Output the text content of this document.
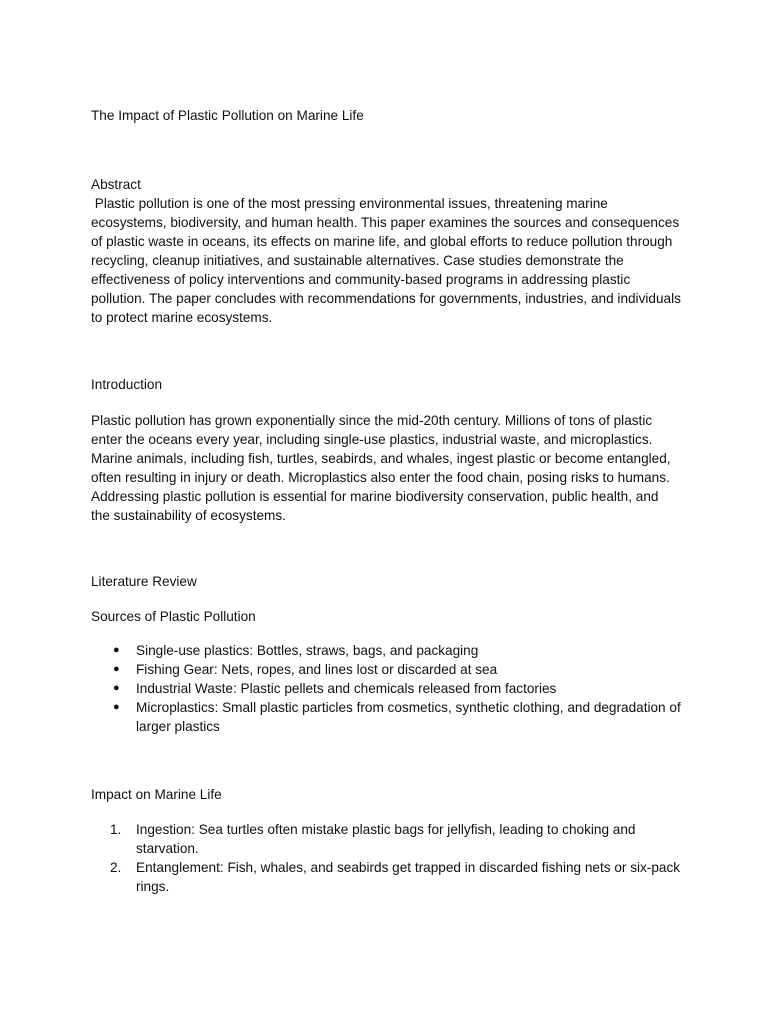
The Impact of Plastic Pollution on Marine Life

Abstract

Plastic pollution is one of the most pressing environmental issues, threatening marine ecosystems, biodiversity, and human health. This paper examines the sources and consequences of plastic waste in oceans, its effects on marine life, and global efforts to reduce pollution through recycling, cleanup initiatives, and sustainable alternatives. Case studies demonstrate the effectiveness of policy interventions and community-based programs in addressing plastic pollution. The paper concludes with recommendations for governments, industries, and individuals to protect marine ecosystems.

Introduction

Plastic pollution has grown exponentially since the mid-20th century. Millions of tons of plastic enter the oceans every year, including single-use plastics, industrial waste, and microplastics. Marine animals, including fish, turtles, seabirds, and whales, ingest plastic or become entangled, often resulting in injury or death. Microplastics also enter the food chain, posing risks to humans. Addressing plastic pollution is essential for marine biodiversity conservation, public health, and the sustainability of ecosystems.

Literature Review

Sources of Plastic Pollution

●	Single-use plastics: Bottles, straws, bags, and packaging
●	Fishing Gear: Nets, ropes, and lines lost or discarded at sea
●	Industrial Waste: Plastic pellets and chemicals released from factories
●	Microplastics: Small plastic particles from cosmetics, synthetic clothing, and degradation of larger plastics

Impact on Marine Life

1.	Ingestion: Sea turtles often mistake plastic bags for jellyfish, leading to choking and starvation.
2.	Entanglement: Fish, whales, and seabirds get trapped in discarded fishing nets or six-pack rings.
